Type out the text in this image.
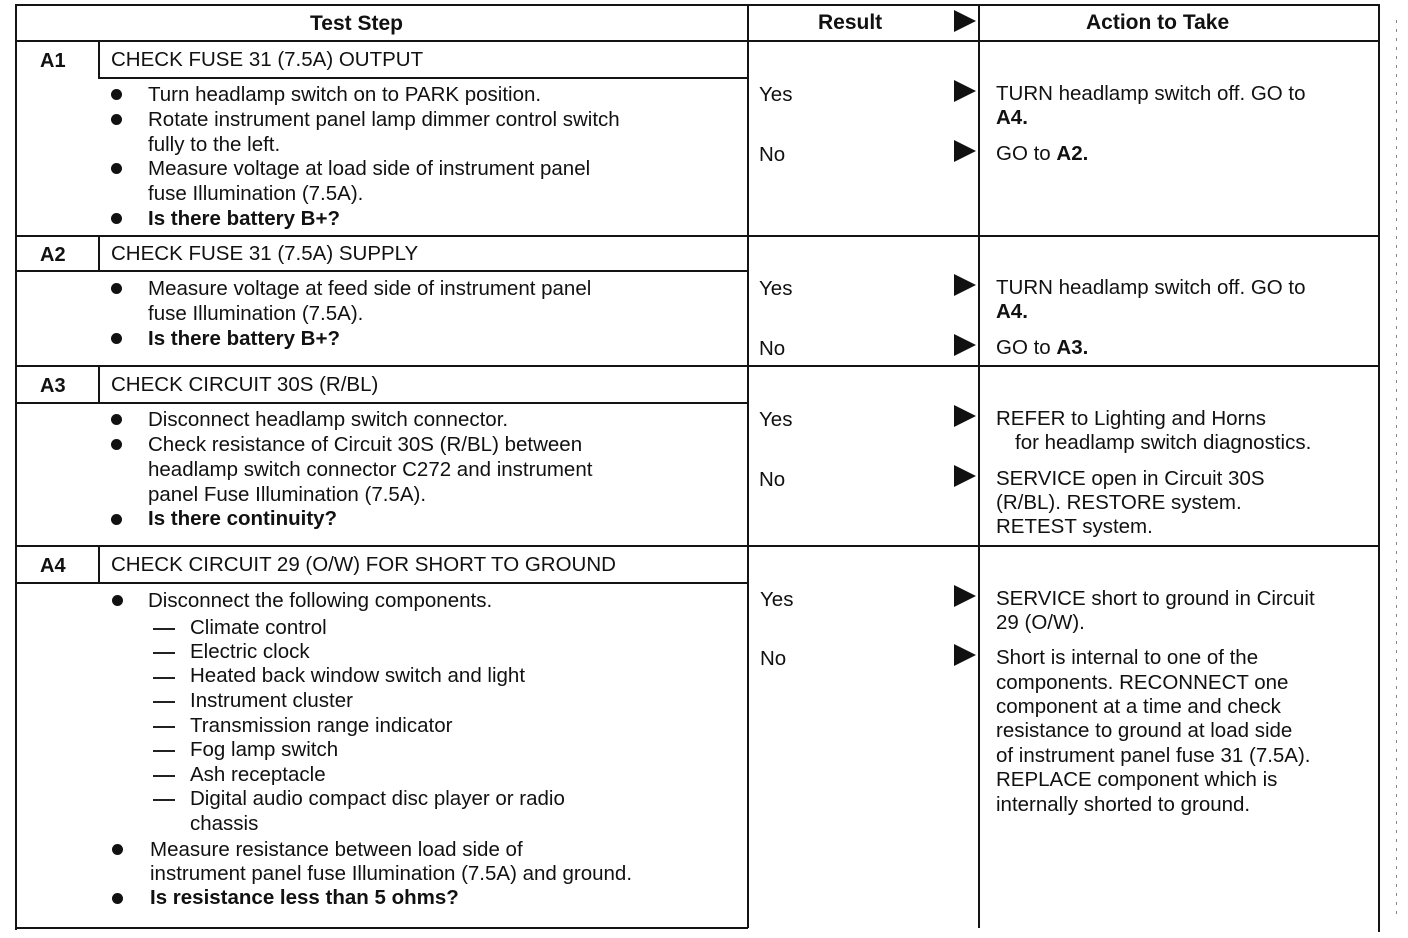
Test Step	Result	Action to Take
A1 CHECK FUSE 31 (7.5A) OUTPUT
Turn headlamp switch on to PARK position.
Rotate instrument panel lamp dimmer control switch
fully to the left.
Measure voltage at load side of instrument panel
fuse Illumination (7.5A).
Is there battery B+?
Yes
No
TURN headlamp switch off. GO to
A4.
GO to A2.
A2 CHECK FUSE 31 (7.5A) SUPPLY
Measure voltage at feed side of instrument panel
fuse Illumination (7.5A).
Is there battery B+?
Yes
No
TURN headlamp switch off. GO to
A4.
GO to A3.
A3 CHECK CIRCUIT 30S (R/BL)
Disconnect headlamp switch connector.
Check resistance of Circuit 30S (R/BL) between
headlamp switch connector C272 and instrument
panel Fuse Illumination (7.5A).
Is there continuity?
Yes
No
REFER to Lighting and Horns
for headlamp switch diagnostics.
SERVICE open in Circuit 30S
(R/BL). RESTORE system.
RETEST system.
A4 CHECK CIRCUIT 29 (O/W) FOR SHORT TO GROUND
Disconnect the following components.
Climate control
Electric clock
Heated back window switch and light
Instrument cluster
Transmission range indicator
Fog lamp switch
Ash receptacle
Digital audio compact disc player or radio
chassis
Measure resistance between load side of
instrument panel fuse Illumination (7.5A) and ground.
Is resistance less than 5 ohms?
Yes
No
SERVICE short to ground in Circuit
29 (O/W).
Short is internal to one of the
components. RECONNECT one
component at a time and check
resistance to ground at load side
of instrument panel fuse 31 (7.5A).
REPLACE component which is
internally shorted to ground.
